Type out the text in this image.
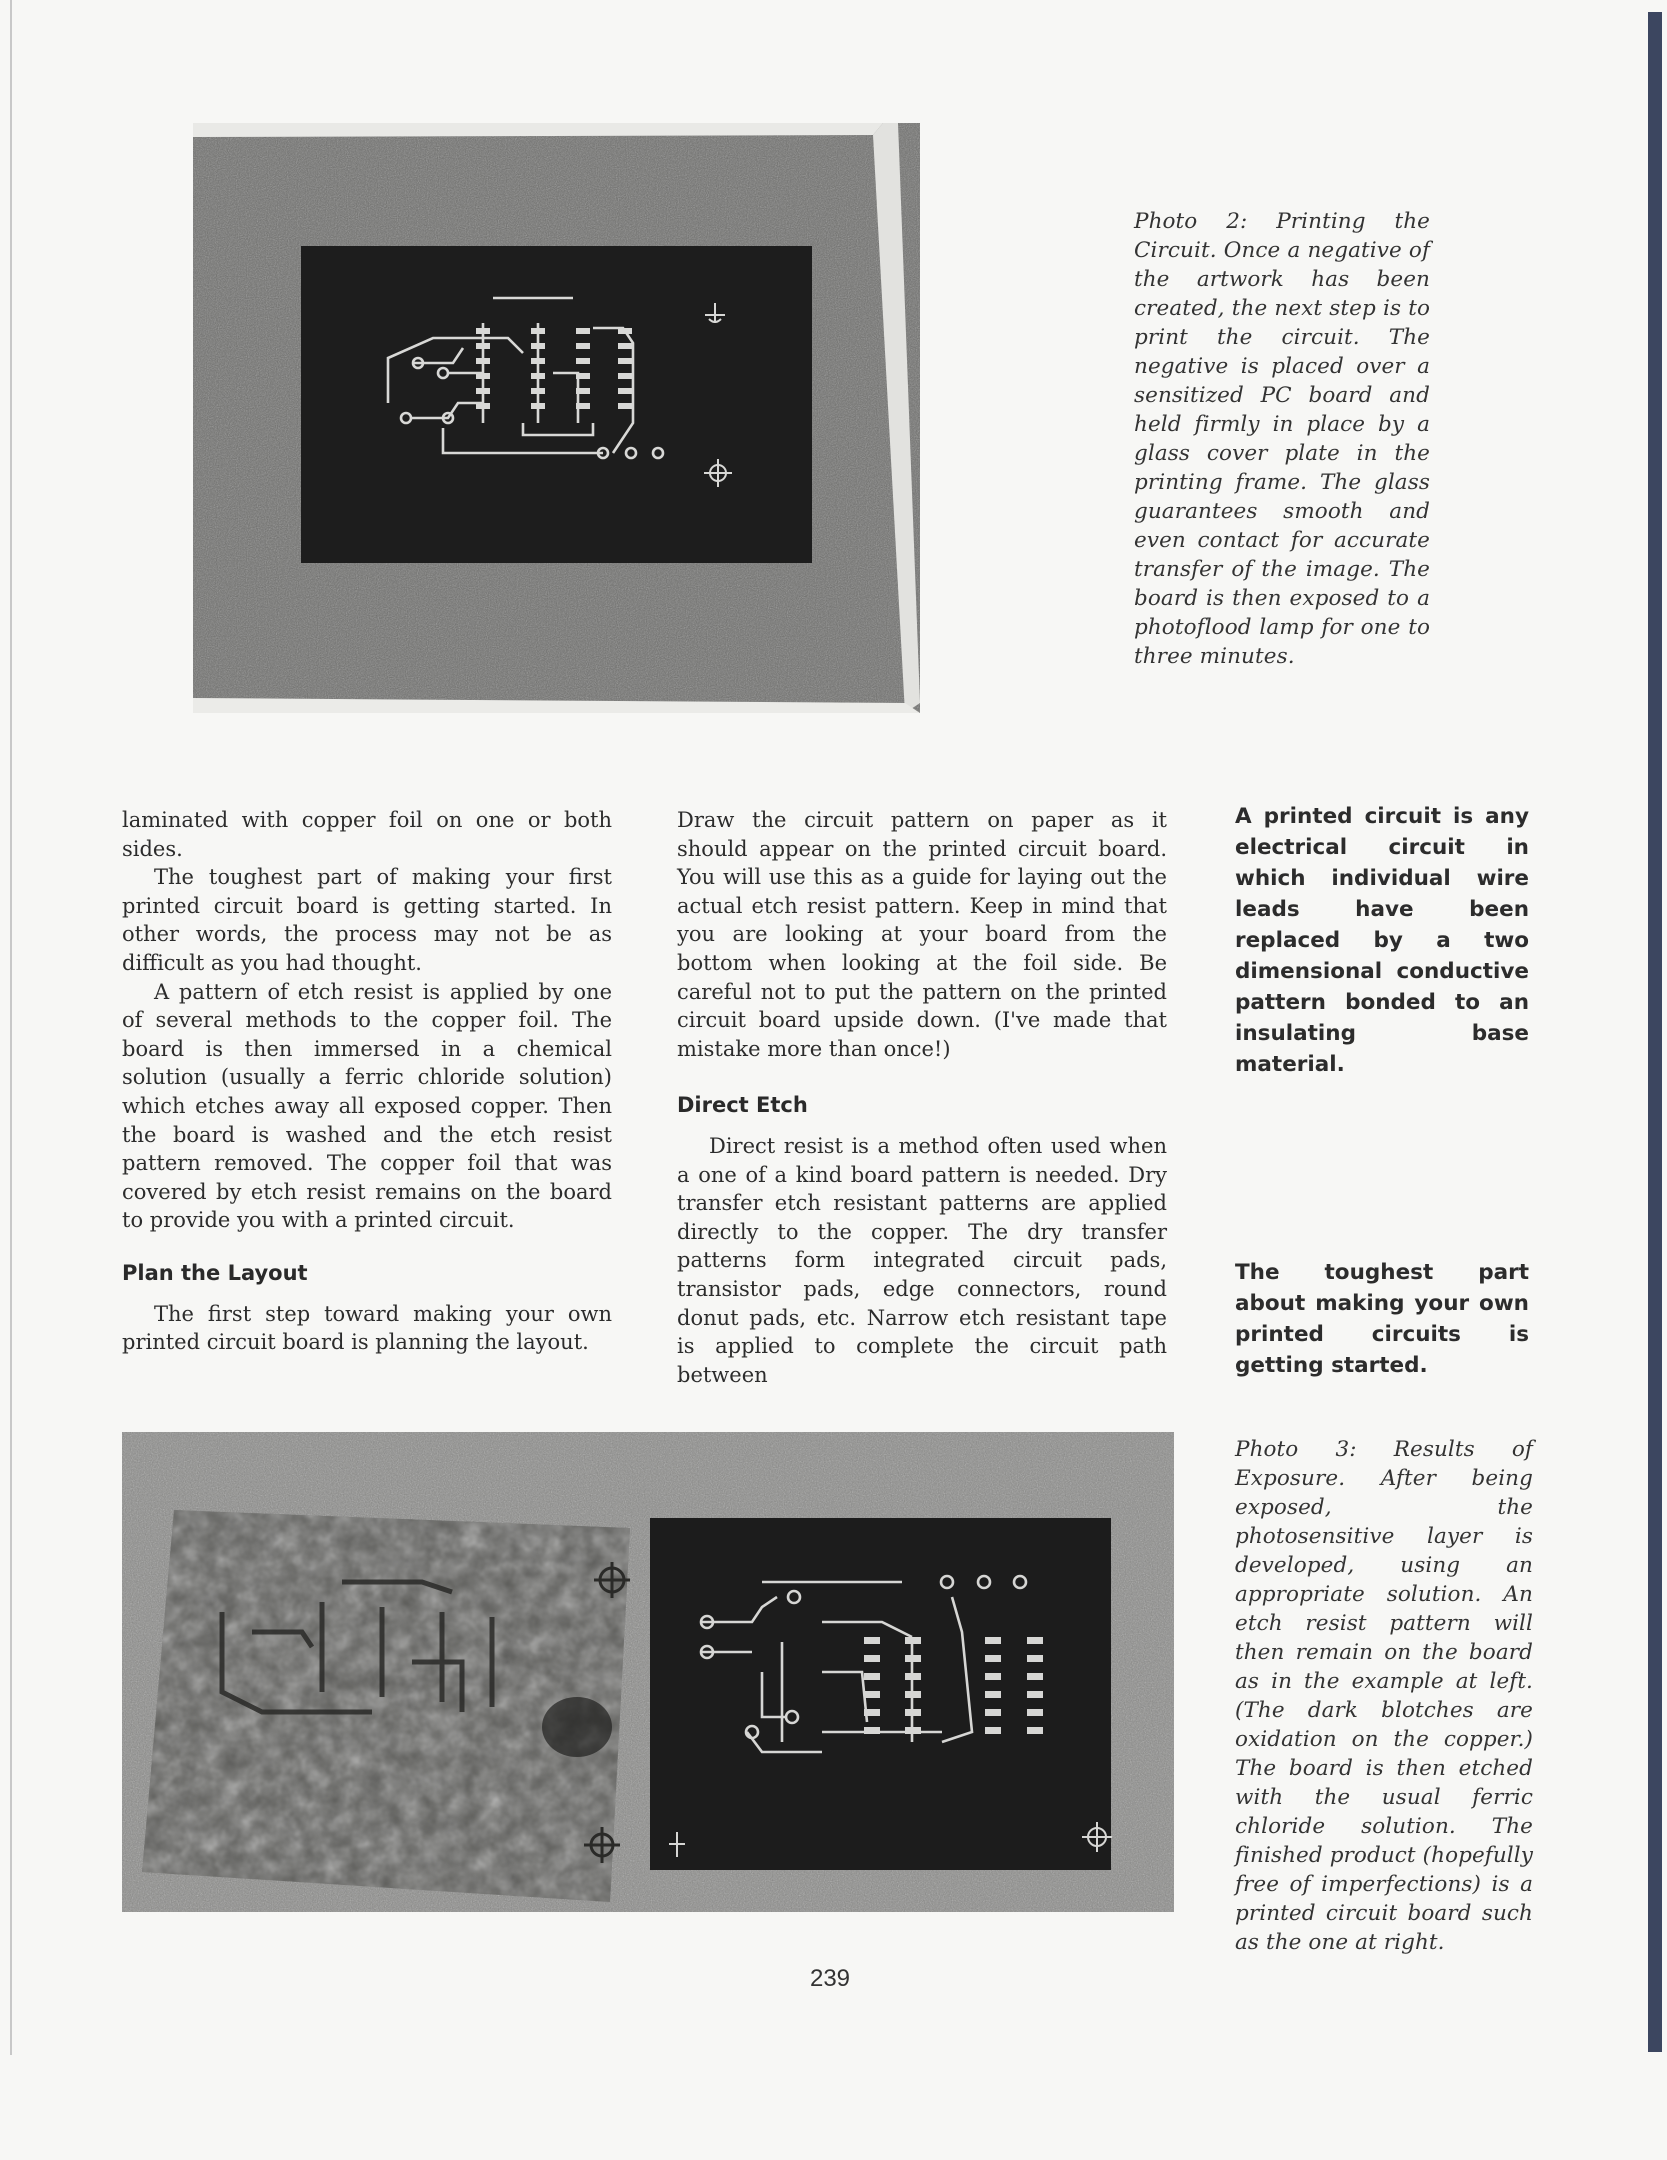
Photo 2: Printing the Circuit. Once a negative of the artwork has been created, the next step is to print the circuit. The negative is placed over a sensitized PC board and held firmly in place by a glass cover plate in the printing frame. The glass guarantees smooth and even contact for accurate transfer of the image. The board is then exposed to a photoflood lamp for one to three minutes.

laminated with copper foil on one or both sides.

The toughest part of making your first printed circuit board is getting started. In other words, the process may not be as difficult as you had thought.

A pattern of etch resist is applied by one of several methods to the copper foil. The board is then immersed in a chemical solution (usually a ferric chloride solution) which etches away all exposed copper. Then the board is washed and the etch resist pattern removed. The copper foil that was covered by etch resist remains on the board to provide you with a printed circuit.

Plan the Layout

The first step toward making your own printed circuit board is planning the layout.

Draw the circuit pattern on paper as it should appear on the printed circuit board. You will use this as a guide for laying out the actual etch resist pattern. Keep in mind that you are looking at your board from the bottom when looking at the foil side. Be careful not to put the pattern on the printed circuit board upside down. (I've made that mistake more than once!)

Direct Etch

Direct resist is a method often used when a one of a kind board pattern is needed. Dry transfer etch resistant patterns are applied directly to the copper. The dry transfer patterns form integrated circuit pads, transistor pads, edge connectors, round donut pads, etc. Narrow etch resistant tape is applied to complete the circuit path between

A printed circuit is any electrical circuit in which individual wire leads have been replaced by a two dimensional conductive pattern bonded to an insulating base material.
The toughest part about making your own printed circuits is getting started.
Photo 3: Results of Exposure. After being exposed, the photosensitive layer is developed, using an appropriate solution. An etch resist pattern will then remain on the board as in the example at left. (The dark blotches are oxidation on the copper.) The board is then etched with the usual ferric chloride solution. The finished product (hopefully free of imperfections) is a printed circuit board such as the one at right.
239
